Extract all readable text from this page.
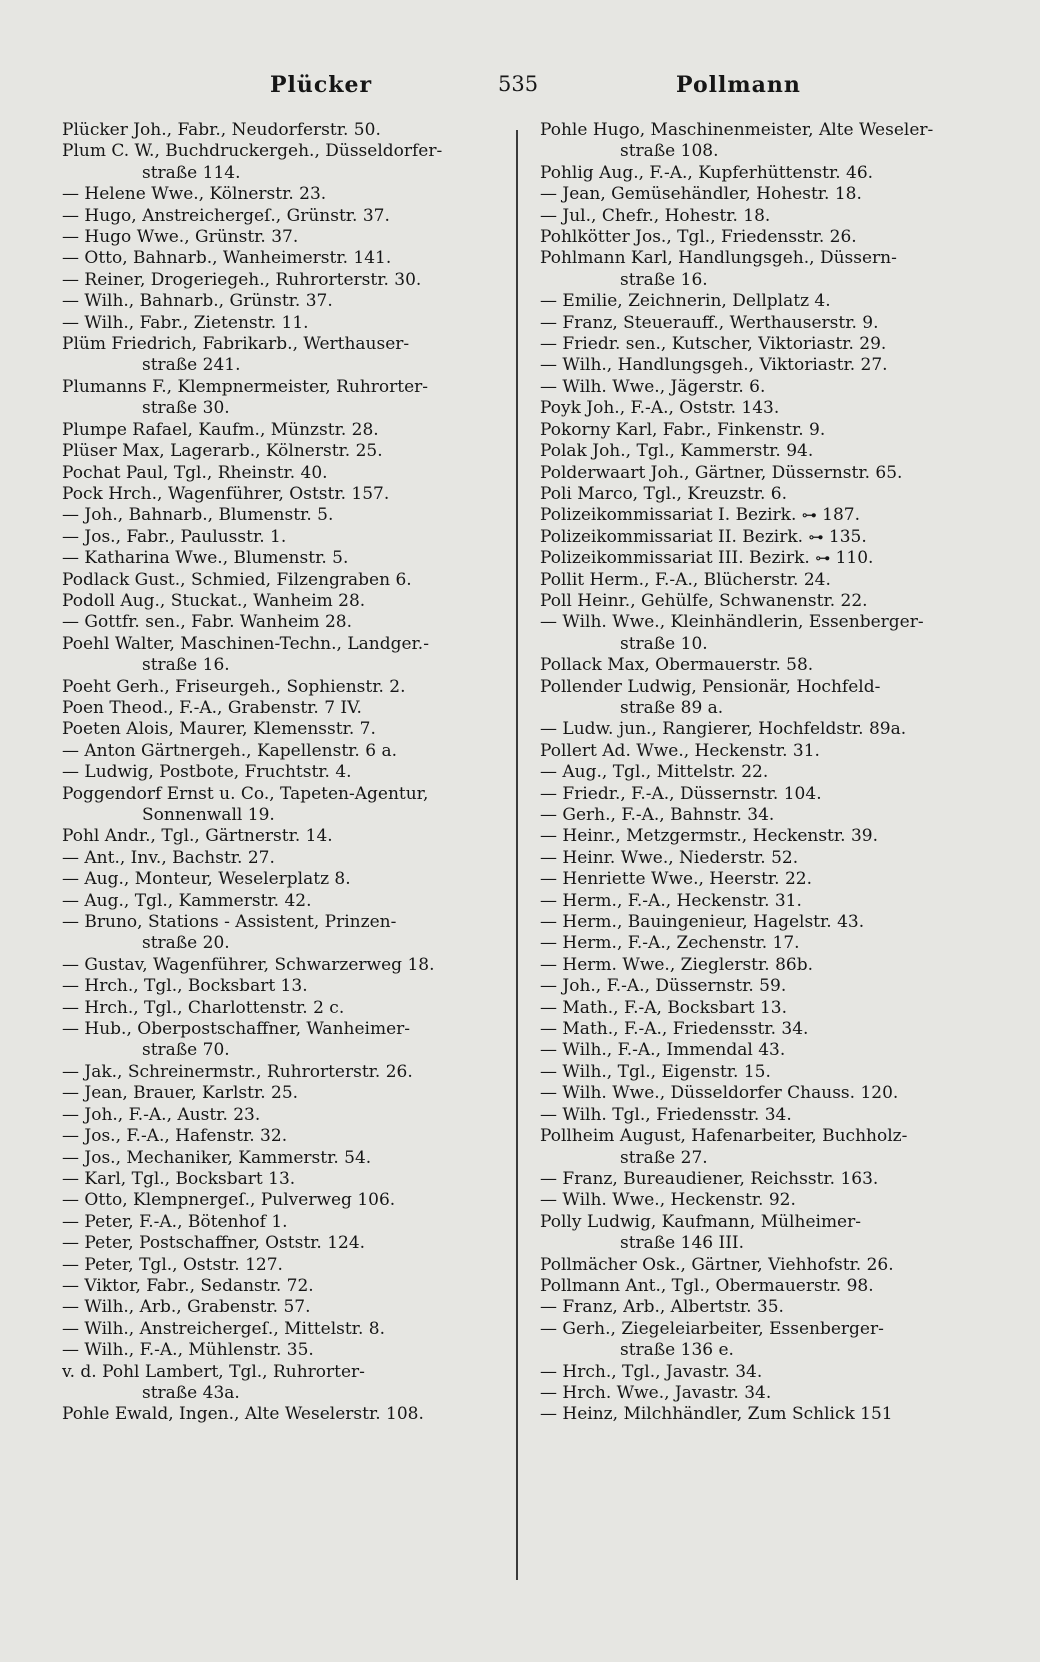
Plücker	535	Pollmann
Plücker Joh., Fabr., Neudorferstr. 50.
Plum C. W., Buchdruckergeh., Düsseldorfer-
straße 114.
— Helene Wwe., Kölnerstr. 23.
— Hugo, Anstreichergeſ., Grünstr. 37.
— Hugo Wwe., Grünstr. 37.
— Otto, Bahnarb., Wanheimerstr. 141.
— Reiner, Drogeriegeh., Ruhrorterstr. 30.
— Wilh., Bahnarb., Grünstr. 37.
— Wilh., Fabr., Zietenstr. 11.
Plüm Friedrich, Fabrikarb., Werthauser-
straße 241.
Plumanns F., Klempnermeister, Ruhrorter-
straße 30.
Plumpe Rafael, Kaufm., Münzstr. 28.
Plüser Max, Lagerarb., Kölnerstr. 25.
Pochat Paul, Tgl., Rheinstr. 40.
Pock Hrch., Wagenführer, Oststr. 157.
— Joh., Bahnarb., Blumenstr. 5.
— Jos., Fabr., Paulusstr. 1.
— Katharina Wwe., Blumenstr. 5.
Podlack Gust., Schmied, Filzengraben 6.
Podoll Aug., Stuckat., Wanheim 28.
— Gottfr. sen., Fabr. Wanheim 28.
Poehl Walter, Maschinen-Techn., Landger.-
straße 16.
Poeht Gerh., Friseurgeh., Sophienstr. 2.
Poen Theod., F.-A., Grabenstr. 7 IV.
Poeten Alois, Maurer, Klemensstr. 7.
— Anton Gärtnergeh., Kapellenstr. 6 a.
— Ludwig, Postbote, Fruchtstr. 4.
Poggendorf Ernst u. Co., Tapeten-Agentur,
Sonnenwall 19.
Pohl Andr., Tgl., Gärtnerstr. 14.
— Ant., Inv., Bachstr. 27.
— Aug., Monteur, Weselerplatz 8.
— Aug., Tgl., Kammerstr. 42.
— Bruno, Stations - Assistent, Prinzen-
straße 20.
— Gustav, Wagenführer, Schwarzerweg 18.
— Hrch., Tgl., Bocksbart 13.
— Hrch., Tgl., Charlottenstr. 2 c.
— Hub., Oberpostschaffner, Wanheimer-
straße 70.
— Jak., Schreinermstr., Ruhrorterstr. 26.
— Jean, Brauer, Karlstr. 25.
— Joh., F.-A., Austr. 23.
— Jos., F.-A., Hafenstr. 32.
— Jos., Mechaniker, Kammerstr. 54.
— Karl, Tgl., Bocksbart 13.
— Otto, Klempnergeſ., Pulverweg 106.
— Peter, F.-A., Bötenhof 1.
— Peter, Postschaffner, Oststr. 124.
— Peter, Tgl., Oststr. 127.
— Viktor, Fabr., Sedanstr. 72.
— Wilh., Arb., Grabenstr. 57.
— Wilh., Anstreichergeſ., Mittelstr. 8.
— Wilh., F.-A., Mühlenstr. 35.
v. d. Pohl Lambert, Tgl., Ruhrorter-
straße 43a.
Pohle Ewald, Ingen., Alte Weselerstr. 108.
Pohle Hugo, Maschinenmeister, Alte Weseler-
straße 108.
Pohlig Aug., F.-A., Kupferhüttenstr. 46.
— Jean, Gemüsehändler, Hohestr. 18.
— Jul., Chefr., Hohestr. 18.
Pohlkötter Jos., Tgl., Friedensstr. 26.
Pohlmann Karl, Handlungsgeh., Düssern-
straße 16.
— Emilie, Zeichnerin, Dellplatz 4.
— Franz, Steuerauff., Werthauserstr. 9.
— Friedr. sen., Kutscher, Viktoriastr. 29.
— Wilh., Handlungsgeh., Viktoriastr. 27.
— Wilh. Wwe., Jägerstr. 6.
Poyk Joh., F.-A., Oststr. 143.
Pokorny Karl, Fabr., Finkenstr. 9.
Polak Joh., Tgl., Kammerstr. 94.
Polderwaart Joh., Gärtner, Düssernstr. 65.
Poli Marco, Tgl., Kreuzstr. 6.
Polizeikommissariat I. Bezirk. ⊶ 187.
Polizeikommissariat II. Bezirk. ⊶ 135.
Polizeikommissariat III. Bezirk. ⊶ 110.
Pollit Herm., F.-A., Blücherstr. 24.
Poll Heinr., Gehülfe, Schwanenstr. 22.
— Wilh. Wwe., Kleinhändlerin, Essenberger-
straße 10.
Pollack Max, Obermauerstr. 58.
Pollender Ludwig, Pensionär, Hochfeld-
straße 89 a.
— Ludw. jun., Rangierer, Hochfeldstr. 89a.
Pollert Ad. Wwe., Heckenstr. 31.
— Aug., Tgl., Mittelstr. 22.
— Friedr., F.-A., Düssernstr. 104.
— Gerh., F.-A., Bahnstr. 34.
— Heinr., Metzgermstr., Heckenstr. 39.
— Heinr. Wwe., Niederstr. 52.
— Henriette Wwe., Heerstr. 22.
— Herm., F.-A., Heckenstr. 31.
— Herm., Bauingenieur, Hagelstr. 43.
— Herm., F.-A., Zechenstr. 17.
— Herm. Wwe., Zieglerstr. 86b.
— Joh., F.-A., Düssernstr. 59.
— Math., F.-A, Bocksbart 13.
— Math., F.-A., Friedensstr. 34.
— Wilh., F.-A., Immendal 43.
— Wilh., Tgl., Eigenstr. 15.
— Wilh. Wwe., Düsseldorfer Chauss. 120.
— Wilh. Tgl., Friedensstr. 34.
Pollheim August, Hafenarbeiter, Buchholz-
straße 27.
— Franz, Bureaudiener, Reichsstr. 163.
— Wilh. Wwe., Heckenstr. 92.
Polly Ludwig, Kaufmann, Mülheimer-
straße 146 III.
Pollmächer Osk., Gärtner, Viehhofstr. 26.
Pollmann Ant., Tgl., Obermauerstr. 98.
— Franz, Arb., Albertstr. 35.
— Gerh., Ziegeleiarbeiter, Essenberger-
straße 136 e.
— Hrch., Tgl., Javastr. 34.
— Hrch. Wwe., Javastr. 34.
— Heinz, Milchhändler, Zum Schlick 151
